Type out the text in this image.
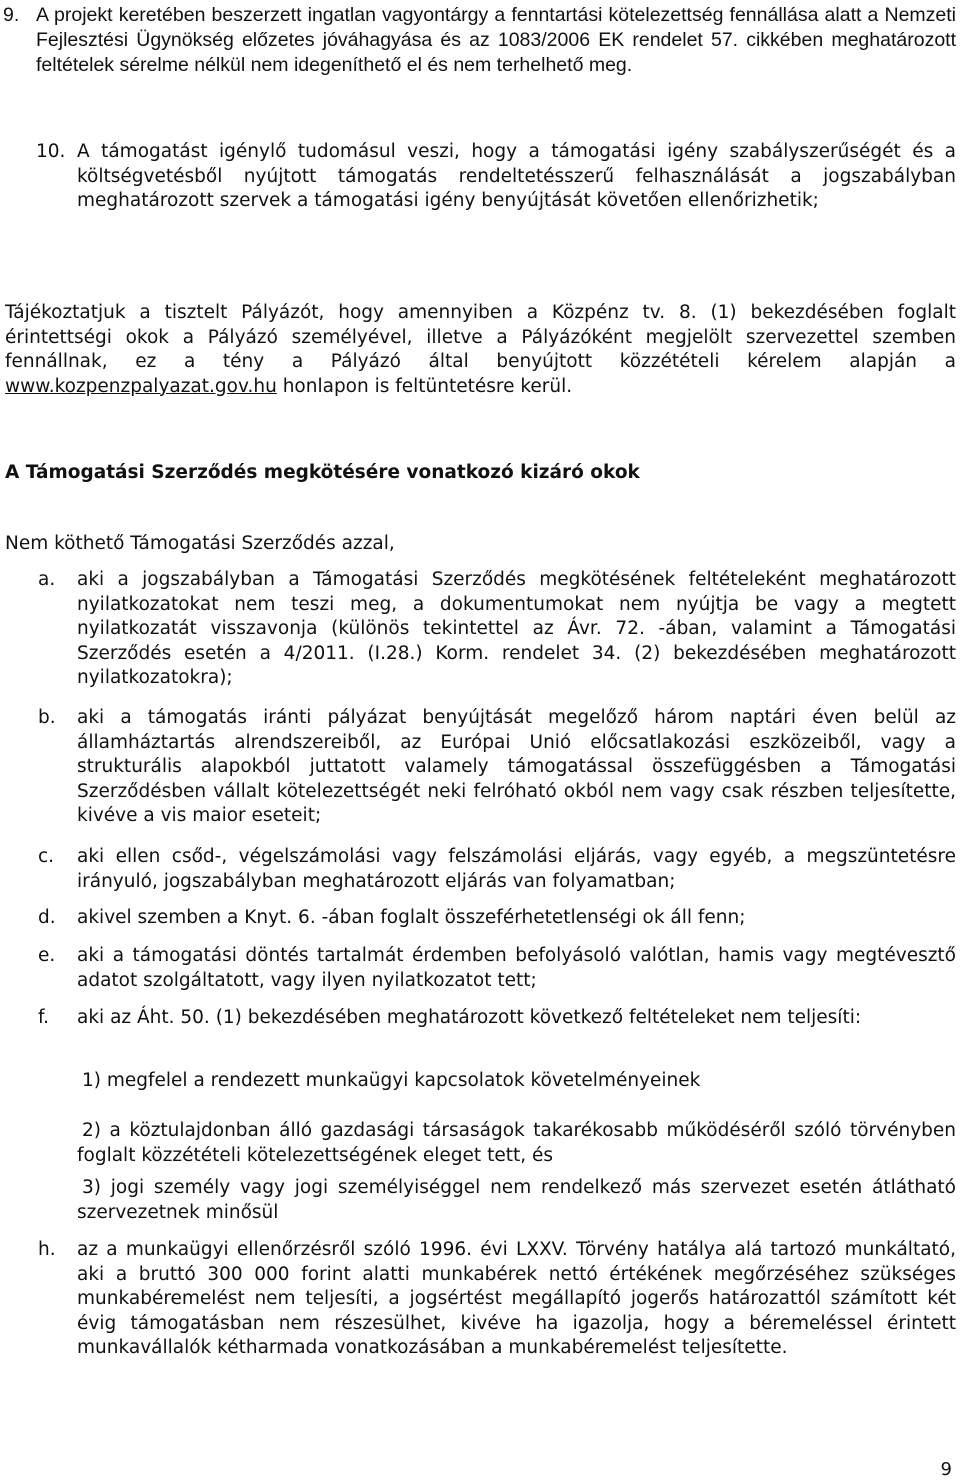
9. A projekt keretében beszerzett ingatlan vagyontárgy a fenntartási kötelezettség fennállása alatt a Nemzeti Fejlesztési Ügynökség előzetes jóváhagyása és az 1083/2006 EK rendelet 57. cikkében meghatározott feltételek sérelme nélkül nem idegeníthető el és nem terhelhető meg.
10. A támogatást igénylő tudomásul veszi, hogy a támogatási igény szabályszerűségét és a költségvetésből nyújtott támogatás rendeltetésszerű felhasználását a jogszabályban meghatározott szervek a támogatási igény benyújtását követően ellenőrizhetik;
Tájékoztatjuk a tisztelt Pályázót, hogy amennyiben a Közpénz tv. 8. (1) bekezdésében foglalt érintettségi okok a Pályázó személyével, illetve a Pályázóként megjelölt szervezettel szemben fennállnak, ez a tény a Pályázó által benyújtott közzétételi kérelem alapján a www.kozpenzpalyazat.gov.hu honlapon is feltüntetésre kerül.
A Támogatási Szerződés megkötésére vonatkozó kizáró okok
Nem köthető Támogatási Szerződés azzal,
a. aki a jogszabályban a Támogatási Szerződés megkötésének feltételeként meghatározott nyilatkozatokat nem teszi meg, a dokumentumokat nem nyújtja be vagy a megtett nyilatkozatát visszavonja (különös tekintettel az Ávr. 72. -ában, valamint a Támogatási Szerződés esetén a 4/2011. (I.28.) Korm. rendelet 34. (2) bekezdésében meghatározott nyilatkozatokra);
b. aki a támogatás iránti pályázat benyújtását megelőző három naptári éven belül az államháztartás alrendszereiből, az Európai Unió előcsatlakozási eszközeiből, vagy a strukturális alapokból juttatott valamely támogatással összefüggésben a Támogatási Szerződésben vállalt kötelezettségét neki felróható okból nem vagy csak részben teljesítette, kivéve a vis maior eseteit;
c. aki ellen csőd-, végelszámolási vagy felszámolási eljárás, vagy egyéb, a megszüntetésre irányuló, jogszabályban meghatározott eljárás van folyamatban;
d. akivel szemben a Knyt. 6. -ában foglalt összeférhetetlenségi ok áll fenn;
e. aki a támogatási döntés tartalmát érdemben befolyásoló valótlan, hamis vagy megtévesztő adatot szolgáltatott, vagy ilyen nyilatkozatot tett;
f. aki az Áht. 50. (1) bekezdésében meghatározott következő feltételeket nem teljesíti:
1) megfelel a rendezett munkaügyi kapcsolatok követelményeinek
2) a köztulajdonban álló gazdasági társaságok takarékosabb működéséről szóló törvényben foglalt közzétételi kötelezettségének eleget tett, és
3) jogi személy vagy jogi személyiséggel nem rendelkező más szervezet esetén átlátható szervezetnek minősül
h. az a munkaügyi ellenőrzésről szóló 1996. évi LXXV. Törvény hatálya alá tartozó munkáltató, aki a bruttó 300 000 forint alatti munkabérek nettó értékének megőrzéséhez szükséges munkabéremelést nem teljesíti, a jogsértést megállapító jogerős határozattól számított két évig támogatásban nem részesülhet, kivéve ha igazolja, hogy a béremeléssel érintett munkavállalók kétharmada vonatkozásában a munkabéremelést teljesítette.
9
